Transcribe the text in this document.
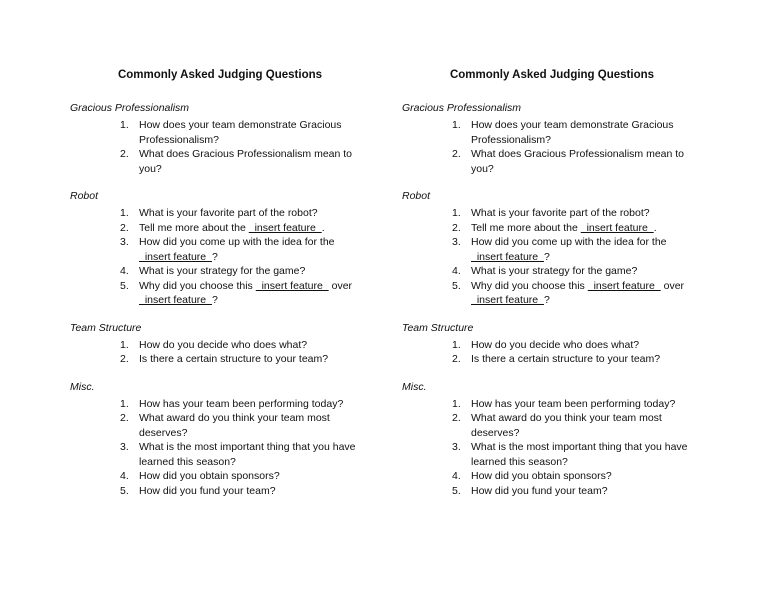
Commonly Asked Judging Questions
Gracious Professionalism
1. How does your team demonstrate Gracious Professionalism?
2. What does Gracious Professionalism mean to you?
Robot
1. What is your favorite part of the robot?
2. Tell me more about the   insert feature  .
3. How did you come up with the idea for the   insert feature  ?
4. What is your strategy for the game?
5. Why did you choose this   insert feature   over   insert feature  ?
Team Structure
1. How do you decide who does what?
2. Is there a certain structure to your team?
Misc.
1. How has your team been performing today?
2. What award do you think your team most deserves?
3. What is the most important thing that you have learned this season?
4. How did you obtain sponsors?
5. How did you fund your team?
Commonly Asked Judging Questions
Gracious Professionalism
1. How does your team demonstrate Gracious Professionalism?
2. What does Gracious Professionalism mean to you?
Robot
1. What is your favorite part of the robot?
2. Tell me more about the   insert feature  .
3. How did you come up with the idea for the   insert feature  ?
4. What is your strategy for the game?
5. Why did you choose this   insert feature   over   insert feature  ?
Team Structure
1. How do you decide who does what?
2. Is there a certain structure to your team?
Misc.
1. How has your team been performing today?
2. What award do you think your team most deserves?
3. What is the most important thing that you have learned this season?
4. How did you obtain sponsors?
5. How did you fund your team?
